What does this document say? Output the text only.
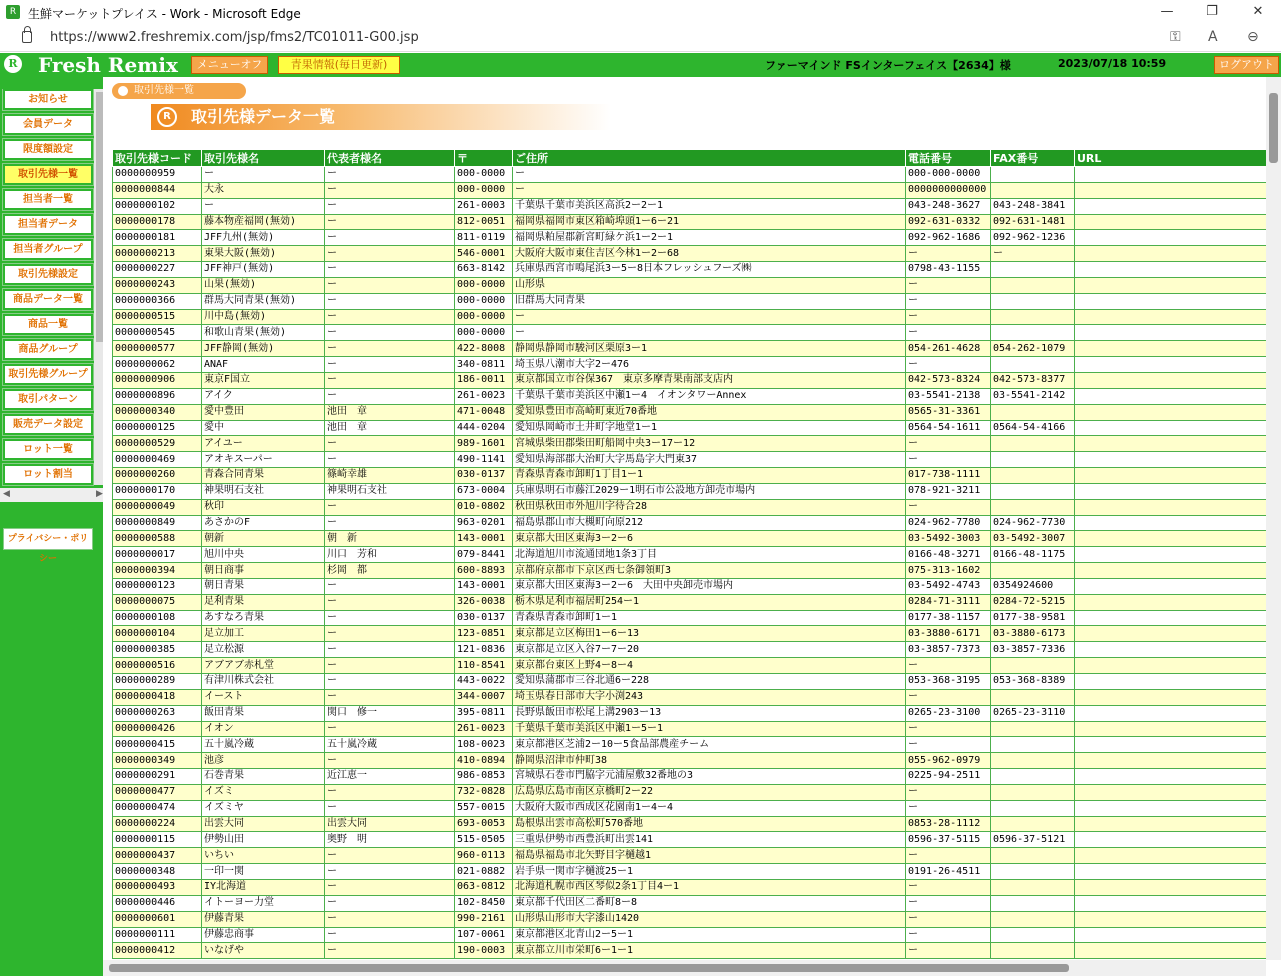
R 生鮮マーケットプレイス - Work - Microsoft Edge	—	❐	✕
https://www2.freshremix.com/jsp/fms2/TC01011-G00.jsp	⚿ A ⊖
R Fresh Remix	メニューオフ	青果情報(毎日更新)	ファーマインド FSインターフェイス【2634】様	2023/07/18 10:59	ログアウト
お知らせ
会員データ
限度額設定
取引先様一覧
担当者一覧
担当者データ
担当者グループ
取引先様設定
商品データ一覧
商品一覧
商品グループ
取引先様グループ
取引パターン
販売データ設定
ロット一覧
ロット割当
◀	▶
プライバシー・ポリシー
取引先様一覧
R	取引先様データ一覧
取引先様コード	取引先様名	代表者様名	〒	ご住所	電話番号	FAX番号	URL
0000000959	ー	ー	000-0000	ー	000-000-0000		
0000000844	大永	ー	000-0000	ー	0000000000000		
0000000102	ー	ー	261-0003	千葉県千葉市美浜区高浜2ー2ー1	043-248-3627	043-248-3841	
0000000178	藤本物産福岡(無効)	ー	812-0051	福岡県福岡市東区箱崎埠頭1ー6ー21	092-631-0332	092-631-1481	
0000000181	JFF九州(無効)	ー	811-0119	福岡県粕屋郡新宮町緑ケ浜1ー2ー1	092-962-1686	092-962-1236	
0000000213	東果大阪(無効)	ー	546-0001	大阪府大阪市東住吉区今林1ー2ー68	ー	ー	
0000000227	JFF神戸(無効)	ー	663-8142	兵庫県西宮市鳴尾浜3ー5ー8日本フレッシュフーズ㈱	0798-43-1155		
0000000243	山果(無効)	ー	000-0000	山形県	ー		
0000000366	群馬大同青果(無効)	ー	000-0000	旧群馬大同青果	ー		
0000000515	川中島(無効)	ー	000-0000	ー	ー		
0000000545	和歌山青果(無効)	ー	000-0000	ー	ー		
0000000577	JFF静岡(無効)	ー	422-8008	静岡県静岡市駿河区栗原3ー1	054-261-4628	054-262-1079	
0000000062	ANAF	ー	340-0811	埼玉県八潮市大字2ー476	ー		
0000000906	東京F国立	ー	186-0011	東京都国立市谷保367　東京多摩青果南部支店内	042-573-8324	042-573-8377	
0000000896	アイク	ー	261-0023	千葉県千葉市美浜区中瀬1ー4　イオンタワーAnnex	03-5541-2138	03-5541-2142	
0000000340	愛中豊田	池田　章	471-0048	愛知県豊田市高崎町東近70番地	0565-31-3361		
0000000125	愛中	池田　章	444-0204	愛知県岡崎市土井町字地堂1ー1	0564-54-1611	0564-54-4166	
0000000529	アイユー	ー	989-1601	宮城県柴田郡柴田町船岡中央3ー17ー12	ー		
0000000469	アオキスーパー	ー	490-1141	愛知県海部郡大治町大字馬島字大門東37	ー		
0000000260	青森合同青果	篠崎幸雄	030-0137	青森県青森市卸町1丁目1ー1	017-738-1111		
0000000170	神果明石支社	神果明石支社	673-0004	兵庫県明石市藤江2029ー1明石市公設地方卸売市場内	078-921-3211		
0000000049	秋印	ー	010-0802	秋田県秋田市外旭川字待合28	ー		
0000000849	あさかのF	ー	963-0201	福島県郡山市大槻町向原212	024-962-7780	024-962-7730	
0000000588	朝新	朝　新	143-0001	東京都大田区東海3ー2ー6	03-5492-3003	03-5492-3007	
0000000017	旭川中央	川口　芳和	079-8441	北海道旭川市流通団地1条3丁目	0166-48-3271	0166-48-1175	
0000000394	朝日商事	杉岡　都	600-8893	京都府京都市下京区西七条御領町3	075-313-1602		
0000000123	朝日青果	ー	143-0001	東京都大田区東海3ー2ー6　大田中央卸売市場内	03-5492-4743	0354924600	
0000000075	足利青果	ー	326-0038	栃木県足利市福居町254ー1	0284-71-3111	0284-72-5215	
0000000108	あすなろ青果	ー	030-0137	青森県青森市卸町1ー1	0177-38-1157	0177-38-9581	
0000000104	足立加工	ー	123-0851	東京都足立区梅田1ー6ー13	03-3880-6171	03-3880-6173	
0000000385	足立松源	ー	121-0836	東京都足立区入谷7ー7ー20	03-3857-7373	03-3857-7336	
0000000516	アブアブ赤札堂	ー	110-8541	東京都台東区上野4ー8ー4	ー		
0000000289	有津川株式会社	ー	443-0022	愛知県蒲郡市三谷北通6ー228	053-368-3195	053-368-8389	
0000000418	イースト	ー	344-0007	埼玉県春日部市大字小渕243	ー		
0000000263	飯田青果	関口　修一	395-0811	長野県飯田市松尾上溝2903ー13	0265-23-3100	0265-23-3110	
0000000426	イオン	ー	261-0023	千葉県千葉市美浜区中瀬1ー5ー1	ー		
0000000415	五十嵐冷蔵	五十嵐冷蔵	108-0023	東京都港区芝浦2ー10ー5食品部農産チーム	ー		
0000000349	池彦	ー	410-0894	静岡県沼津市仲町38	055-962-0979		
0000000291	石巻青果	近江恵一	986-0853	宮城県石巻市門脇字元浦屋敷32番地の3	0225-94-2511		
0000000477	イズミ	ー	732-0828	広島県広島市南区京橋町2ー22	ー		
0000000474	イズミヤ	ー	557-0015	大阪府大阪市西成区花園南1ー4ー4	ー		
0000000224	出雲大同	出雲大同	693-0053	島根県出雲市高松町570番地	0853-28-1112		
0000000115	伊勢山田	奥野　明	515-0505	三重県伊勢市西豊浜町出雲141	0596-37-5115	0596-37-5121	
0000000437	いちい	ー	960-0113	福島県福島市北矢野目字樋越1	ー		
0000000348	一印一関	ー	021-0882	岩手県一関市字樋渡25ー1	0191-26-4511		
0000000493	IY北海道	ー	063-0812	北海道札幌市西区琴似2条1丁目4ー1	ー		
0000000446	イトーヨー力堂	ー	102-8450	東京都千代田区二番町8ー8	ー		
0000000601	伊藤青果	ー	990-2161	山形県山形市大字漆山1420	ー		
0000000111	伊藤忠商事	ー	107-0061	東京都港区北青山2ー5ー1	ー		
0000000412	いなげや	ー	190-0003	東京都立川市栄町6ー1ー1	ー		
